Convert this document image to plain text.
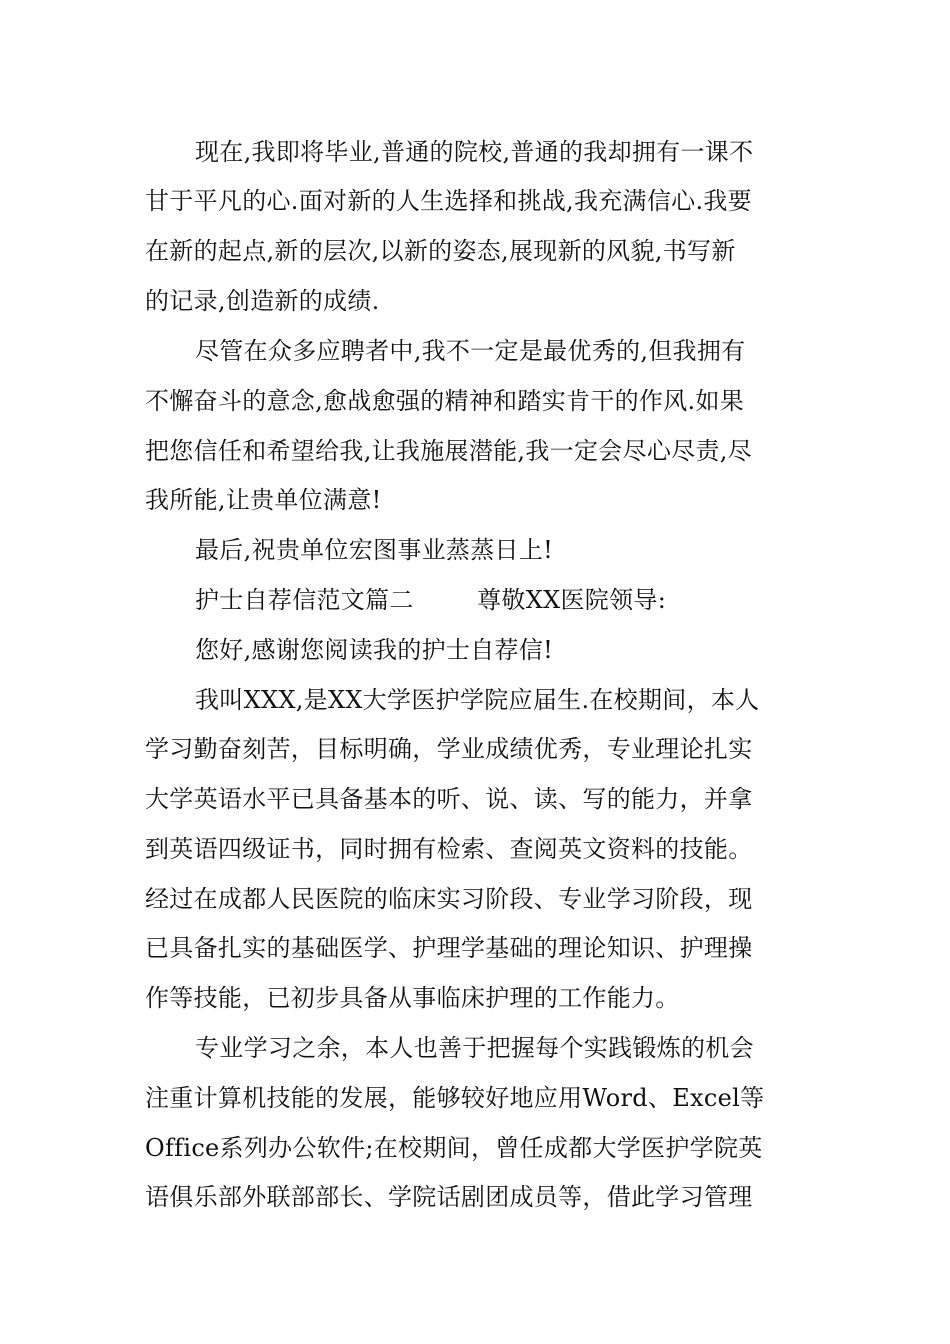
现在,我即将毕业,普通的院校,普通的我却拥有一课不
甘于平凡的心.面对新的人生选择和挑战,我充满信心.我要
在新的起点,新的层次,以新的姿态,展现新的风貌,书写新
的记录,创造新的成绩.
尽管在众多应聘者中,我不一定是最优秀的,但我拥有
不懈奋斗的意念,愈战愈强的精神和踏实肯干的作风.如果
把您信任和希望给我,让我施展潜能,我一定会尽心尽责,尽
我所能,让贵单位满意!
最后,祝贵单位宏图事业蒸蒸日上!
护士自荐信范文篇二        尊敬XX医院领导:
您好,感谢您阅读我的护士自荐信!
我叫XXX,是XX大学医护学院应届生.在校期间，本人
学习勤奋刻苦，目标明确，学业成绩优秀，专业理论扎实
大学英语水平已具备基本的听、说、读、写的能力，并拿
到英语四级证书，同时拥有检索、查阅英文资料的技能。
经过在成都人民医院的临床实习阶段、专业学习阶段，现
已具备扎实的基础医学、护理学基础的理论知识、护理操
作等技能，已初步具备从事临床护理的工作能力。
专业学习之余，本人也善于把握每个实践锻炼的机会
注重计算机技能的发展，能够较好地应用Word、Excel等
Office系列办公软件;在校期间，曾任成都大学医护学院英
语俱乐部外联部部长、学院话剧团成员等，借此学习管理
